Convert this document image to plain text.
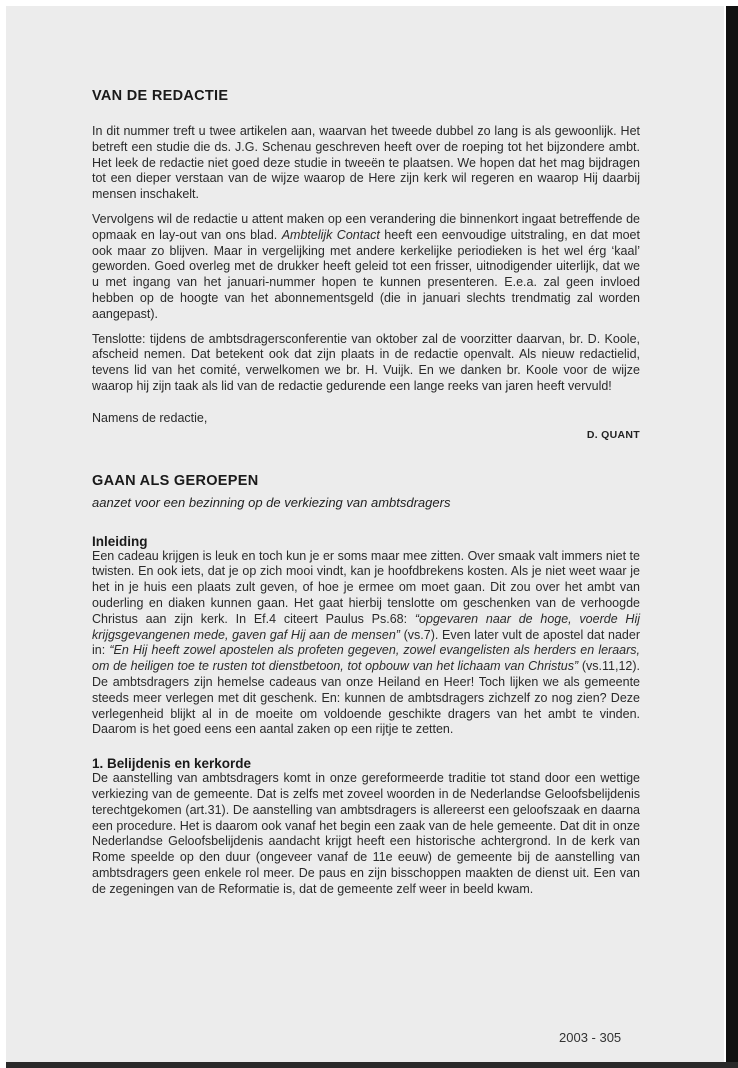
VAN DE REDACTIE

In dit nummer treft u twee artikelen aan, waarvan het tweede dubbel zo lang is als gewoonlijk. Het betreft een studie die ds. J.G. Schenau geschreven heeft over de roeping tot het bijzondere ambt. Het leek de redactie niet goed deze studie in tweeën te plaatsen. We hopen dat het mag bijdragen tot een dieper verstaan van de wijze waarop de Here zijn kerk wil regeren en waarop Hij daarbij mensen inschakelt.

Vervolgens wil de redactie u attent maken op een verandering die binnenkort ingaat betreffende de opmaak en lay-out van ons blad. Ambtelijk Contact heeft een eenvoudige uitstraling, en dat moet ook maar zo blijven. Maar in vergelijking met andere kerkelijke periodieken is het wel érg ‘kaal’ geworden. Goed overleg met de drukker heeft geleid tot een frisser, uitnodigender uiterlijk, dat we u met ingang van het januari-nummer hopen te kunnen presenteren. E.e.a. zal geen invloed hebben op de hoogte van het abonnementsgeld (die in januari slechts trendmatig zal worden aangepast).

Tenslotte: tijdens de ambtsdragersconferentie van oktober zal de voorzitter daarvan, br. D. Koole, afscheid nemen. Dat betekent ook dat zijn plaats in de redactie openvalt. Als nieuw redactielid, tevens lid van het comité, verwelkomen we br. H. Vuijk. En we danken br. Koole voor de wijze waarop hij zijn taak als lid van de redactie gedurende een lange reeks van jaren heeft vervuld!

Namens de redactie,

D. QUANT
GAAN ALS GEROEPEN
aanzet voor een bezinning op de verkiezing van ambtsdragers
Inleiding

Een cadeau krijgen is leuk en toch kun je er soms maar mee zitten. Over smaak valt immers niet te twisten. En ook iets, dat je op zich mooi vindt, kan je hoofdbrekens kosten. Als je niet weet waar je het in je huis een plaats zult geven, of hoe je ermee om moet gaan. Dit zou over het ambt van ouderling en diaken kunnen gaan. Het gaat hierbij tenslotte om geschenken van de verhoogde Christus aan zijn kerk. In Ef.4 citeert Paulus Ps.68: “opgevaren naar de hoge, voerde Hij krijgsgevangenen mede, gaven gaf Hij aan de mensen” (vs.7). Even later vult de apostel dat nader in: “En Hij heeft zowel apostelen als profeten gegeven, zowel evangelisten als herders en leraars, om de heiligen toe te rusten tot dienstbetoon, tot opbouw van het lichaam van Christus” (vs.11,12). De ambtsdragers zijn hemelse cadeaus van onze Heiland en Heer! Toch lijken we als gemeente steeds meer verlegen met dit geschenk. En: kunnen de ambtsdragers zichzelf zo nog zien? Deze verlegenheid blijkt al in de moeite om voldoende geschikte dragers van het ambt te vinden. Daarom is het goed eens een aantal zaken op een rijtje te zetten.

1. Belijdenis en kerkorde

De aanstelling van ambtsdragers komt in onze gereformeerde traditie tot stand door een wettige verkiezing van de gemeente. Dat is zelfs met zoveel woorden in de Nederlandse Geloofsbelijdenis terechtgekomen (art.31). De aanstelling van ambtsdragers is allereerst een geloofszaak en daarna een procedure. Het is daarom ook vanaf het begin een zaak van de hele gemeente. Dat dit in onze Nederlandse Geloofsbelijdenis aandacht krijgt heeft een historische achtergrond. In de kerk van Rome speelde op den duur (ongeveer vanaf de 11e eeuw) de gemeente bij de aanstelling van ambtsdragers geen enkele rol meer. De paus en zijn bisschoppen maakten de dienst uit. Een van de zegeningen van de Reformatie is, dat de gemeente zelf weer in beeld kwam.

2003 - 305
